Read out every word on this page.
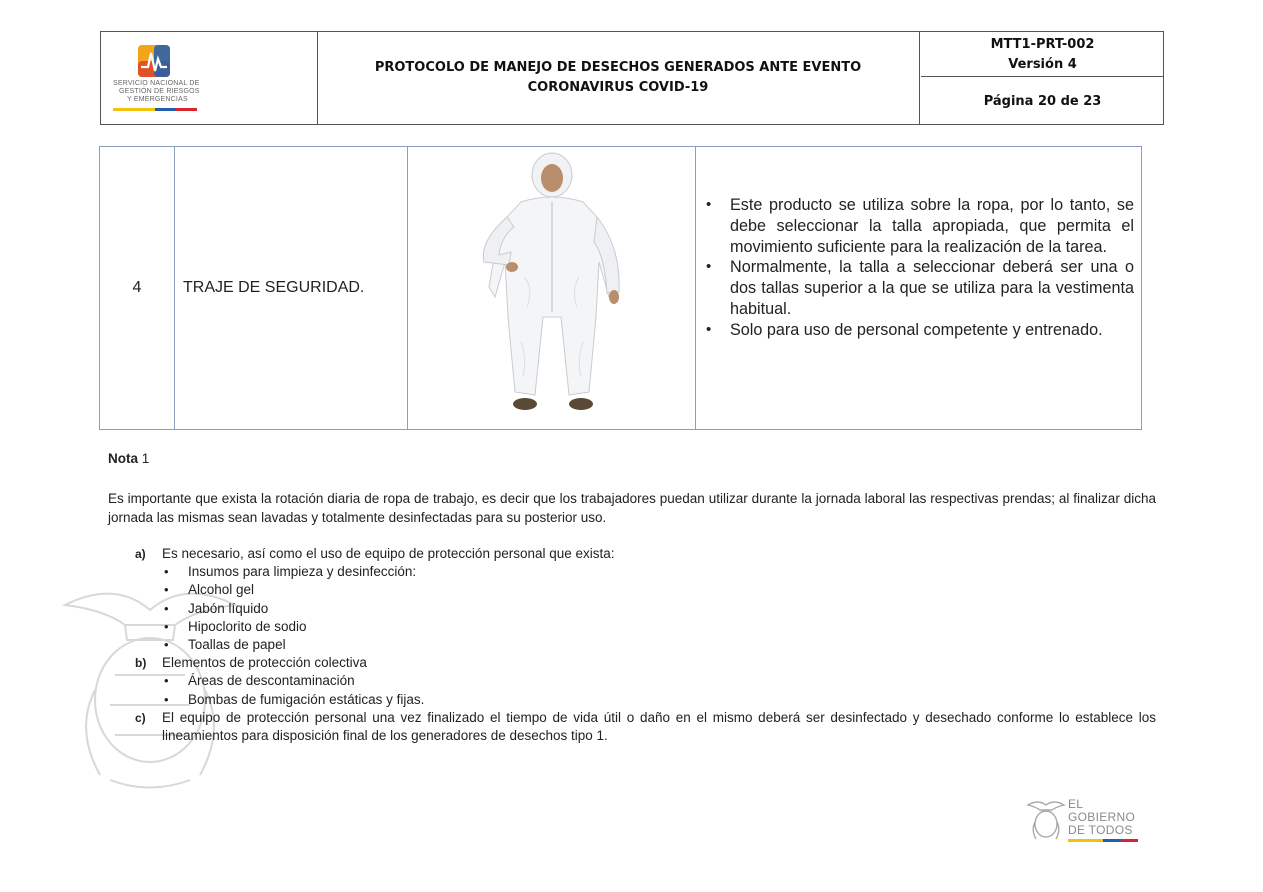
SERVICIO NACIONAL DE
GESTIÓN DE RIESGOS
Y EMERGENCIAS
PROTOCOLO DE MANEJO DE DESECHOS GENERADOS ANTE EVENTO CORONAVIRUS COVID-19
MTT1-PRT-002
Versión 4
Página 20 de 23
4	TRAJE DE SEGURIDAD.
• Este producto se utiliza sobre la ropa, por lo tanto, se debe seleccionar la talla apropiada, que permita el movimiento suficiente para la realización de la tarea.
• Normalmente, la talla a seleccionar deberá ser una o dos tallas superior a la que se utiliza para la vestimenta habitual.
• Solo para uso de personal competente y entrenado.
Nota 1
Es importante que exista la rotación diaria de ropa de trabajo, es decir que los trabajadores puedan utilizar durante la jornada laboral las respectivas prendas; al finalizar dicha jornada las mismas sean lavadas y totalmente desinfectadas para su posterior uso.
a) Es necesario, así como el uso de equipo de protección personal que exista:
• Insumos para limpieza y desinfección:
• Alcohol gel
• Jabón líquido
• Hipoclorito de sodio
• Toallas de papel
b) Elementos de protección colectiva
• Áreas de descontaminación
• Bombas de fumigación estáticas y fijas.
c) El equipo de protección personal una vez finalizado el tiempo de vida útil o daño en el mismo deberá ser desinfectado y desechado conforme lo establece los lineamientos para disposición final de los generadores de desechos tipo 1.
EL
GOBIERNO
DE TODOS
